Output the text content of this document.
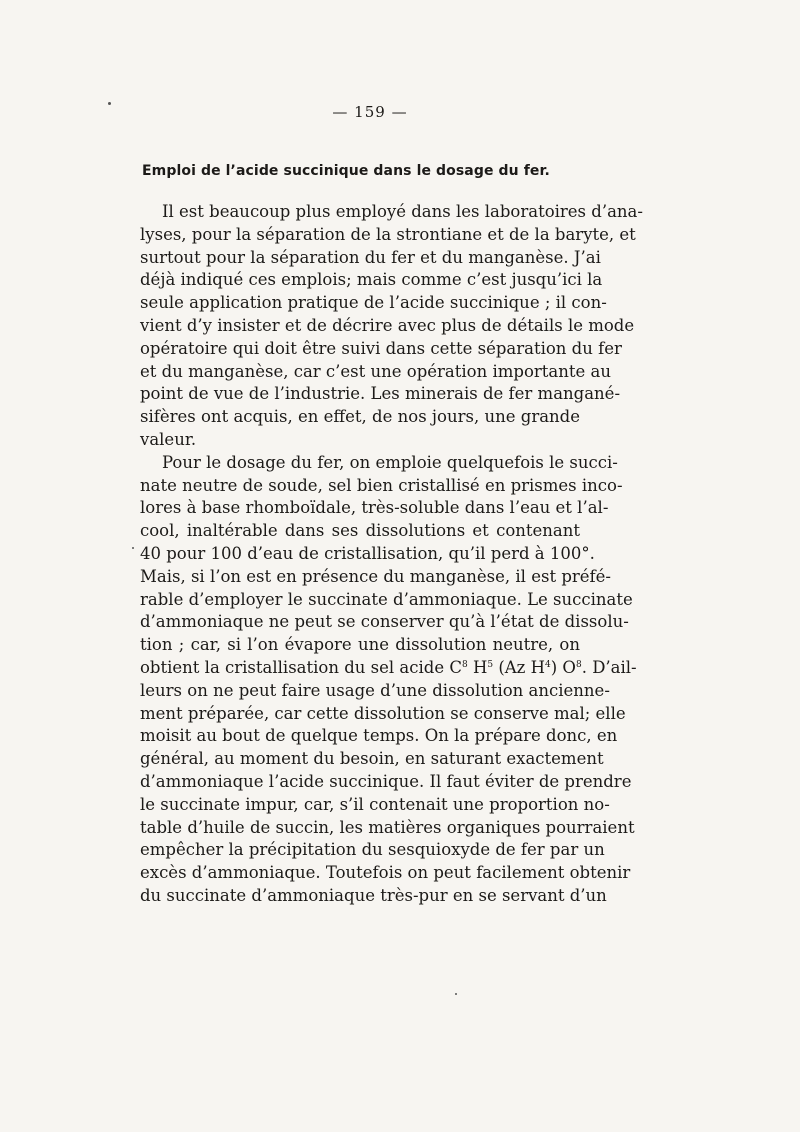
— 159 —
Emploi de l’acide succinique dans le dosage du fer.
Il est beaucoup plus employé dans les laboratoires d’ana-
lyses, pour la séparation de la strontiane et de la baryte, et
surtout pour la séparation du fer et du manganèse. J’ai
déjà indiqué ces emplois; mais comme c’est jusqu’ici la
seule application pratique de l’acide succinique ; il con-
vient d’y insister et de décrire avec plus de détails le mode
opératoire qui doit être suivi dans cette séparation du fer
et du manganèse, car c’est une opération importante au
point de vue de l’industrie. Les minerais de fer mangané-
sifères ont acquis, en effet, de nos jours, une grande
valeur.
Pour le dosage du fer, on emploie quelquefois le succi-
nate neutre de soude, sel bien cristallisé en prismes inco-
lores à base rhomboïdale, très-soluble dans l’eau et l’al-
cool, inaltérable dans ses dissolutions et contenant
40 pour 100 d’eau de cristallisation, qu’il perd à 100°.
Mais, si l’on est en présence du manganèse, il est préfé-
rable d’employer le succinate d’ammoniaque. Le succinate
d’ammoniaque ne peut se conserver qu’à l’état de dissolu-
tion ; car, si l’on évapore une dissolution neutre, on
obtient la cristallisation du sel acide $C^8$ $H^5$ (Az $H^4$) $O^8$. D’ail-
leurs on ne peut faire usage d’une dissolution ancienne-
ment préparée, car cette dissolution se conserve mal; elle
moisit au bout de quelque temps. On la prépare donc, en
général, au moment du besoin, en saturant exactement
d’ammoniaque l’acide succinique. Il faut éviter de prendre
le succinate impur, car, s’il contenait une proportion no-
table d’huile de succin, les matières organiques pourraient
empêcher la précipitation du sesquioxyde de fer par un
excès d’ammoniaque. Toutefois on peut facilement obtenir
du succinate d’ammoniaque très-pur en se servant d’un
